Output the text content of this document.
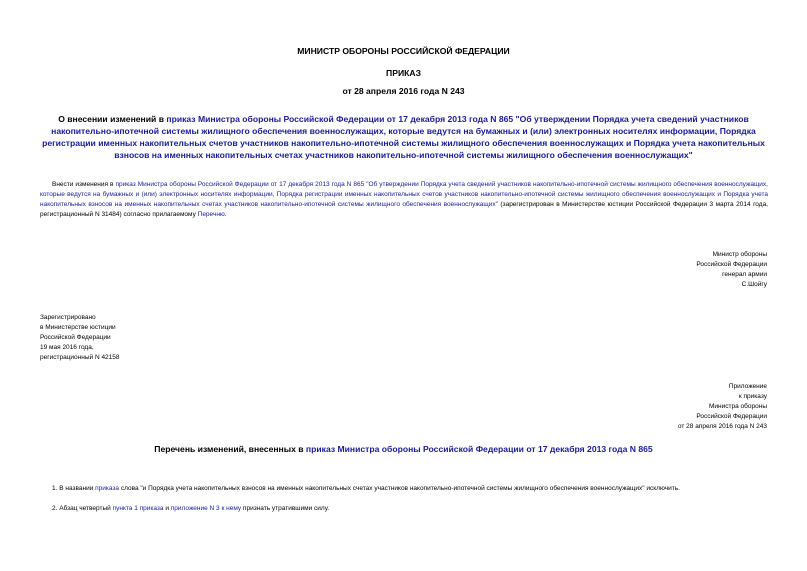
МИНИСТР ОБОРОНЫ РОССИЙСКОЙ ФЕДЕРАЦИИ
ПРИКАЗ
от 28 апреля 2016 года N 243
О внесении изменений в приказ Министра обороны Российской Федерации от 17 декабря 2013 года N 865 "Об утверждении Порядка учета сведений участников накопительно-ипотечной системы жилищного обеспечения военнослужащих, которые ведутся на бумажных и (или) электронных носителях информации, Порядка регистрации именных накопительных счетов участников накопительно-ипотечной системы жилищного обеспечения военнослужащих и Порядка учета накопительных взносов на именных накопительных счетах участников накопительно-ипотечной системы жилищного обеспечения военнослужащих"
Внести изменения в приказ Министра обороны Российской Федерации от 17 декабря 2013 года N 865 "Об утверждении Порядка учета сведений участников накопительно-ипотечной системы жилищного обеспечения военнослужащих, которые ведутся на бумажных и (или) электронных носителях информации, Порядка регистрации именных накопительных счетов участников накопительно-ипотечной системы жилищного обеспечения военнослужащих и Порядка учета накопительных взносов на именных накопительных счетах участников накопительно-ипотечной системы жилищного обеспечения военнослужащих" (зарегистрирован в Министерстве юстиции Российской Федерации 3 марта 2014 года, регистрационный N 31484) согласно прилагаемому Перечню.
Министр обороны
Российской Федерации
генерал армии
С.Шойгу
Зарегистрировано
в Министерстве юстиции
Российской Федерации
19 мая 2016 года,
регистрационный N 42158
Приложение
к приказу
Министра обороны
Российской Федерации
от 28 апреля 2016 года N 243
Перечень изменений, внесенных в приказ Министра обороны Российской Федерации от 17 декабря 2013 года N 865
1. В названии приказа слова "и Порядка учета накопительных взносов на именных накопительных счетах участников накопительно-ипотечной системы жилищного обеспечения военнослужащих" исключить.
2. Абзац четвертый пункта 1 приказа и приложение N 3 к нему признать утратившими силу.
